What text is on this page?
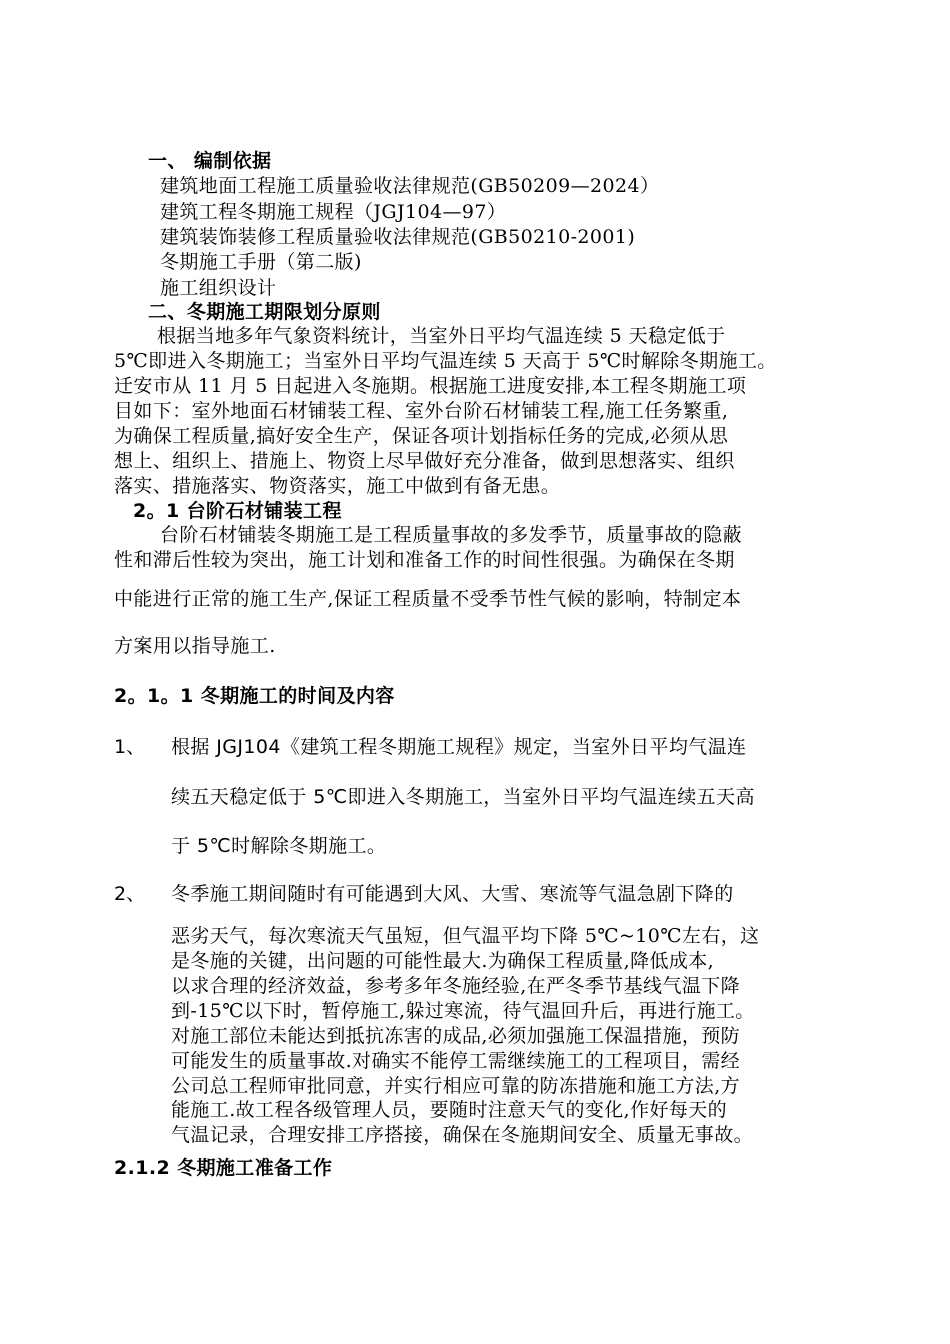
一、 编制依据

建筑地面工程施工质量验收法律规范(GB50209—2024）

建筑工程冬期施工规程（JGJ104—97）

建筑装饰装修工程质量验收法律规范(GB50210-2001)

冬期施工手册（第二版)

施工组织设计

二、冬期施工期限划分原则

根据当地多年气象资料统计，当室外日平均气温连续 5 天稳定低于

5℃即进入冬期施工；当室外日平均气温连续 5 天高于 5℃时解除冬期施工。

迁安市从 11 月 5 日起进入冬施期。根据施工进度安排,本工程冬期施工项

目如下：室外地面石材铺装工程、室外台阶石材铺装工程,施工任务繁重,

为确保工程质量,搞好安全生产，保证各项计划指标任务的完成,必须从思

想上、组织上、措施上、物资上尽早做好充分准备，做到思想落实、组织

落实、措施落实、物资落实，施工中做到有备无患。

2。1 台阶石材铺装工程

台阶石材铺装冬期施工是工程质量事故的多发季节，质量事故的隐蔽

性和滞后性较为突出，施工计划和准备工作的时间性很强。为确保在冬期

中能进行正常的施工生产,保证工程质量不受季节性气候的影响，特制定本

方案用以指导施工.

2。1。1 冬期施工的时间及内容

1、 根据 JGJ104《建筑工程冬期施工规程》规定，当室外日平均气温连

续五天稳定低于 5℃即进入冬期施工，当室外日平均气温连续五天高

于 5℃时解除冬期施工。

2、 冬季施工期间随时有可能遇到大风、大雪、寒流等气温急剧下降的

恶劣天气，每次寒流天气虽短，但气温平均下降 5℃~10℃左右，这

是冬施的关键，出问题的可能性最大.为确保工程质量,降低成本,

以求合理的经济效益，参考多年冬施经验,在严冬季节基线气温下降

到-15℃以下时，暂停施工,躲过寒流，待气温回升后，再进行施工。

对施工部位未能达到抵抗冻害的成品,必须加强施工保温措施，预防

可能发生的质量事故.对确实不能停工需继续施工的工程项目，需经

公司总工程师审批同意，并实行相应可靠的防冻措施和施工方法,方

能施工.故工程各级管理人员，要随时注意天气的变化,作好每天的

气温记录，合理安排工序搭接，确保在冬施期间安全、质量无事故。

2.1.2 冬期施工准备工作
